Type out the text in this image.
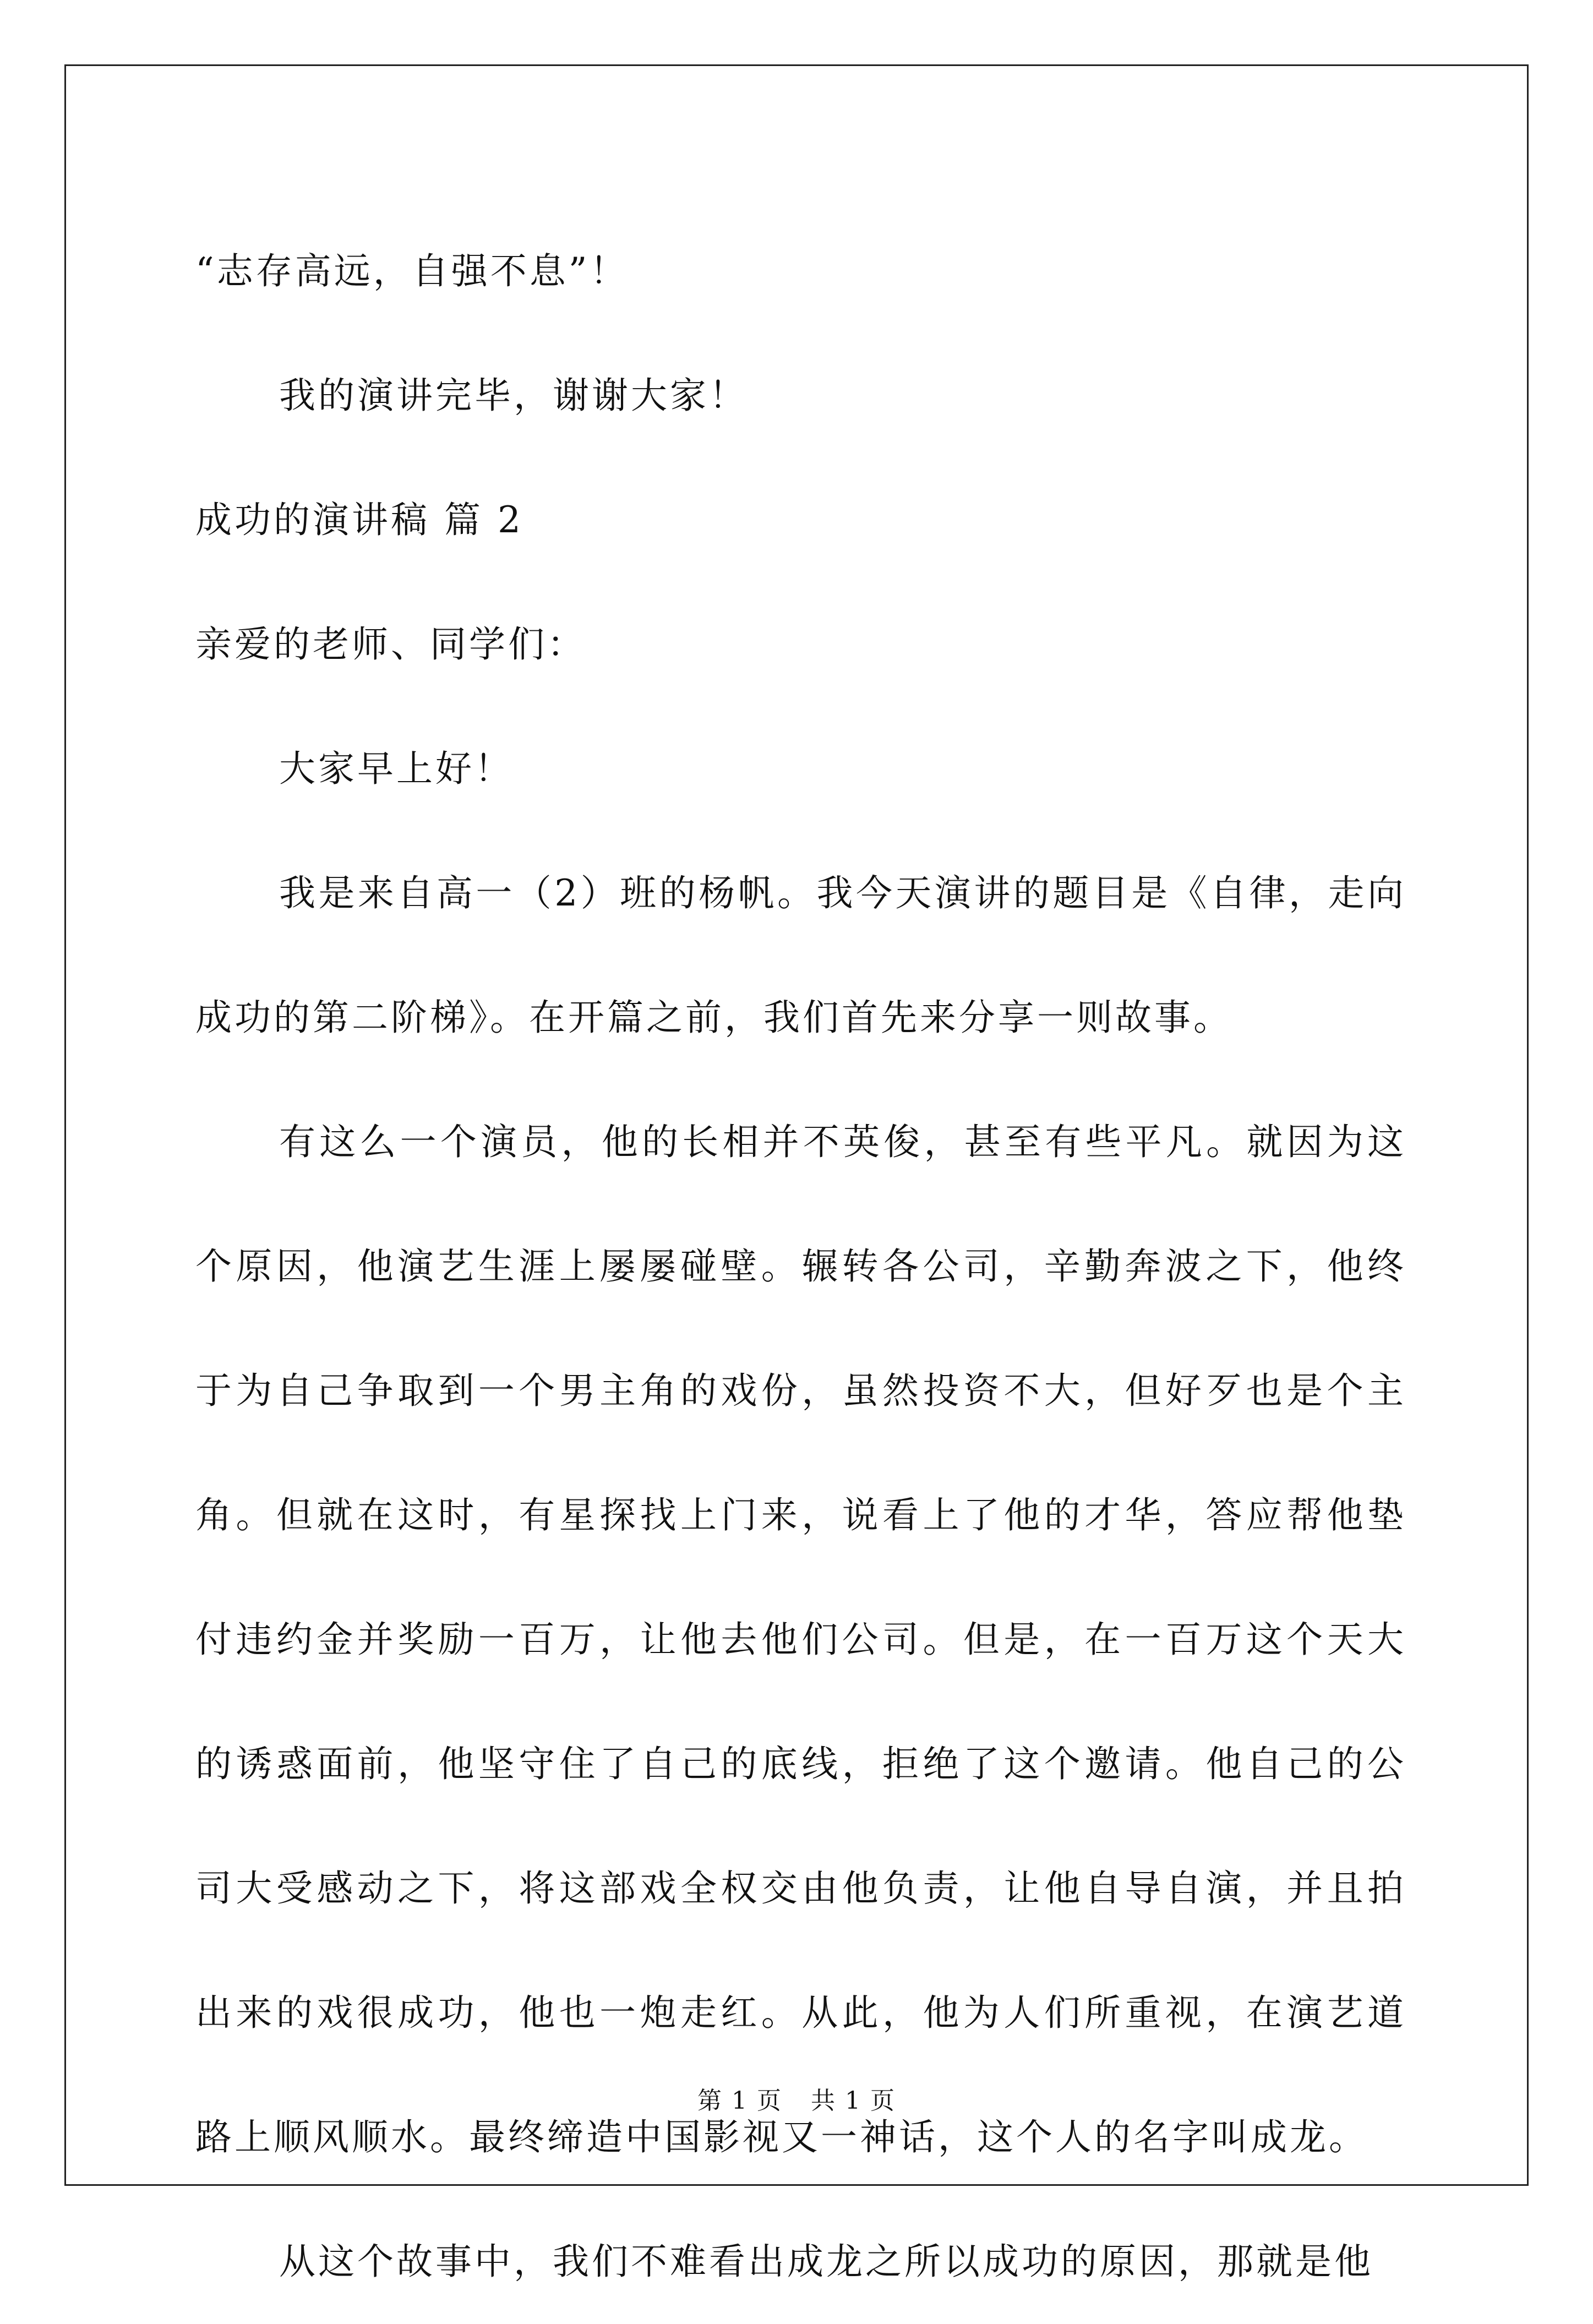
“志存高远，自强不息”！

我的演讲完毕，谢谢大家！

成功的演讲稿 篇 2

亲爱的老师、同学们：

大家早上好！

我是来自高一（2）班的杨帆。我今天演讲的题目是《自律，走向成功的第二阶梯》。在开篇之前，我们首先来分享一则故事。

有这么一个演员，他的长相并不英俊，甚至有些平凡。就因为这个原因，他演艺生涯上屡屡碰壁。辗转各公司，辛勤奔波之下，他终于为自己争取到一个男主角的戏份，虽然投资不大，但好歹也是个主角。但就在这时，有星探找上门来，说看上了他的才华，答应帮他垫付违约金并奖励一百万，让他去他们公司。但是，在一百万这个天大的诱惑面前，他坚守住了自己的底线，拒绝了这个邀请。他自己的公司大受感动之下，将这部戏全权交由他负责，让他自导自演，并且拍出来的戏很成功，他也一炮走红。从此，他为人们所重视，在演艺道路上顺风顺水。最终缔造中国影视又一神话，这个人的名字叫成龙。

从这个故事中，我们不难看出成龙之所以成功的原因，那就是他

第 1 页 共 1 页
